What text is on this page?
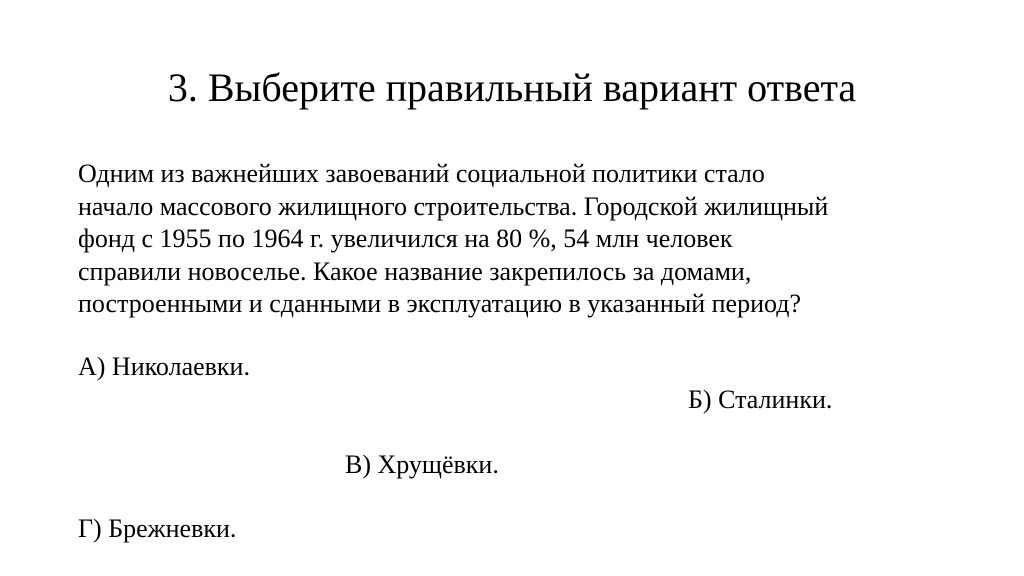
3. Выберите правильный вариант ответа
Одним из важнейших завоеваний социальной политики стало
начало массового жилищного строительства. Городской жилищный
фонд с 1955 по 1964 г. увеличился на 80 %, 54 млн человек
справили новоселье. Какое название закрепилось за домами,
построенными и сданными в эксплуатацию в указанный период?
А) Николаевки.
Б) Сталинки.
В) Хрущёвки.
Г) Брежневки.
